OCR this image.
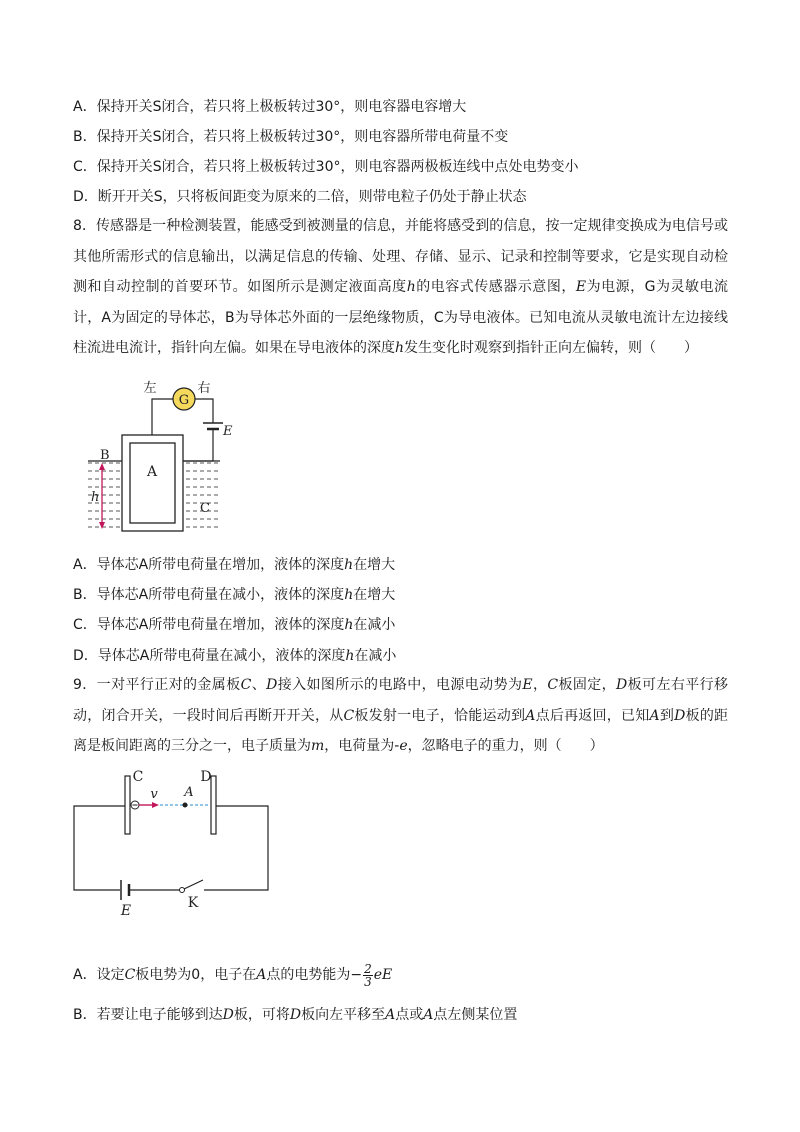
A．保持开关S闭合，若只将上极板转过30°，则电容器电容增大
B．保持开关S闭合，若只将上极板转过30°，则电容器所带电荷量不变
C．保持开关S闭合，若只将上极板转过30°，则电容器两极板连线中点处电势变小
D．断开开关S，只将板间距变为原来的二倍，则带电粒子仍处于静止状态
8．传感器是一种检测装置，能感受到被测量的信息，并能将感受到的信息，按一定规律变换成为电信号或其他所需形式的信息输出，以满足信息的传输、处理、存储、显示、记录和控制等要求，它是实现自动检测和自动控制的首要环节。如图所示是测定液面高度h的电容式传感器示意图，E为电源，G为灵敏电流计，A为固定的导体芯，B为导体芯外面的一层绝缘物质，C为导电液体。已知电流从灵敏电流计左边接线柱流进电流计，指针向左偏。如果在导电液体的深度h发生变化时观察到指针正向左偏转，则（　　）
G
左	右
E
A
B
C
h
A．导体芯A所带电荷量在增加，液体的深度h在增大
B．导体芯A所带电荷量在减小，液体的深度h在增大
C．导体芯A所带电荷量在增加，液体的深度h在减小
D．导体芯A所带电荷量在减小，液体的深度h在减小
9．一对平行正对的金属板C、D接入如图所示的电路中，电源电动势为E，C板固定，D板可左右平行移动，闭合开关，一段时间后再断开开关，从C板发射一电子，恰能运动到A点后再返回，已知A到D板的距离是板间距离的三分之一，电子质量为m，电荷量为-e，忽略电子的重力，则（　　）
E	K
C	D
v A
A．设定C板电势为0，电子在A点的电势能为− $\frac{2}{3}$ eE
B．若要让电子能够到达D板，可将D板向左平移至A点或A点左侧某位置
